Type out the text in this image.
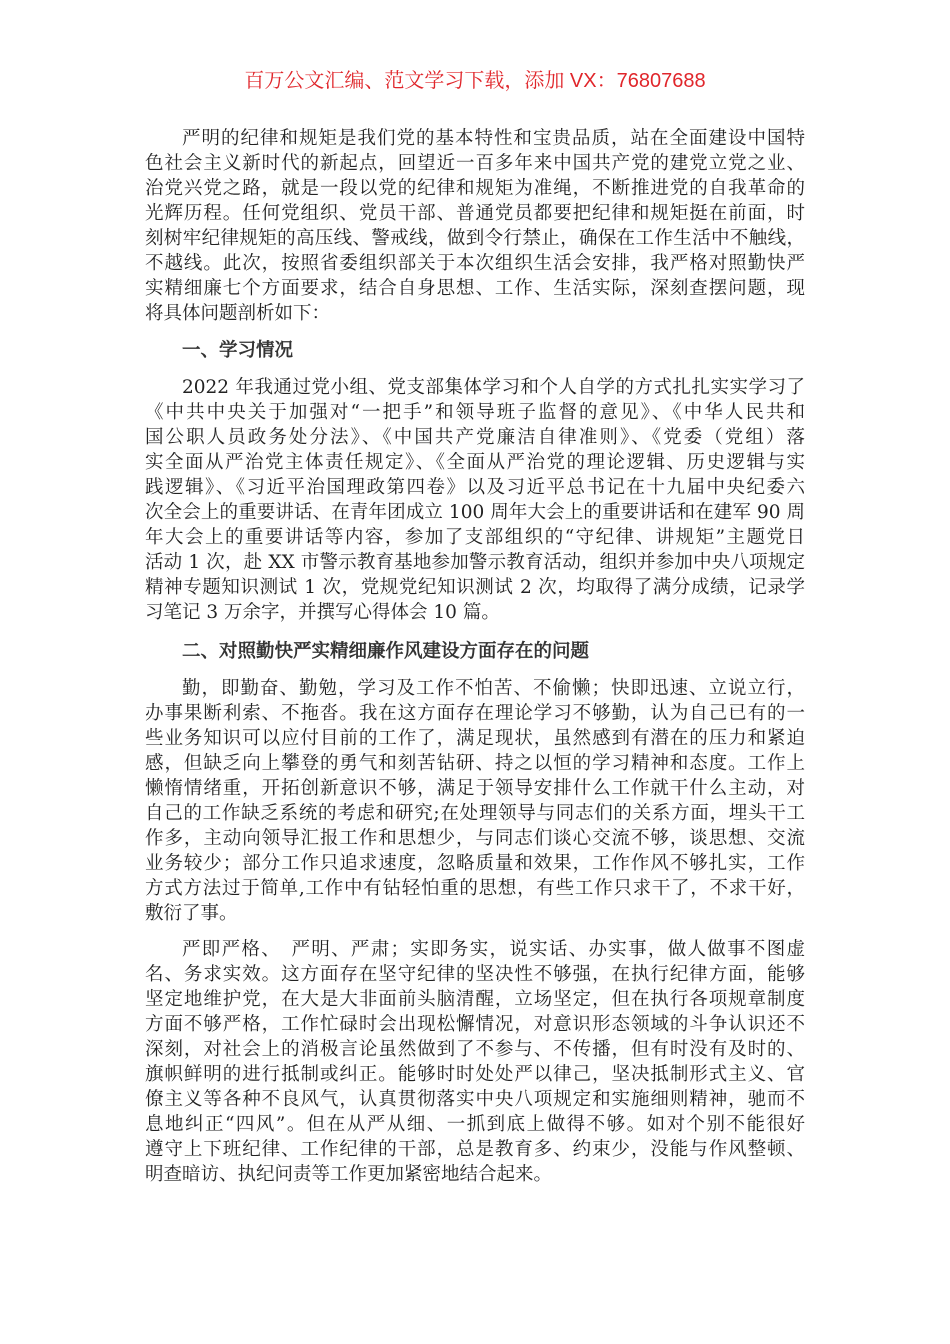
百万公文汇编、范文学习下载，添加 VX：76807688
严明的纪律和规矩是我们党的基本特性和宝贵品质，站在全面建设中国特
色社会主义新时代的新起点，回望近一百多年来中国共产党的建党立党之业、
治党兴党之路，就是一段以党的纪律和规矩为准绳，不断推进党的自我革命的
光辉历程。任何党组织、党员干部、普通党员都要把纪律和规矩挺在前面，时
刻树牢纪律规矩的高压线、警戒线，做到令行禁止，确保在工作生活中不触线，
不越线。此次，按照省委组织部关于本次组织生活会安排，我严格对照勤快严
实精细廉七个方面要求，结合自身思想、工作、生活实际，深刻查摆问题，现
将具体问题剖析如下：
一、学习情况
2022 年我通过党小组、党支部集体学习和个人自学的方式扎扎实实学习了
《中共中央关于加强对“一把手”和领导班子监督的意见》、《中华人民共和
国公职人员政务处分法》、《中国共产党廉洁自律准则》、《党委（党组）落
实全面从严治党主体责任规定》、《全面从严治党的理论逻辑、历史逻辑与实
践逻辑》、《习近平治国理政第四卷》以及习近平总书记在十九届中央纪委六
次全会上的重要讲话、在青年团成立 100 周年大会上的重要讲话和在建军 90 周
年大会上的重要讲话等内容，参加了支部组织的“守纪律、讲规矩”主题党日
活动 1 次，赴 XX 市警示教育基地参加警示教育活动，组织并参加中央八项规定
精神专题知识测试 1 次，党规党纪知识测试 2 次，均取得了满分成绩，记录学
习笔记 3 万余字，并撰写心得体会 10 篇。
二、对照勤快严实精细廉作风建设方面存在的问题
勤，即勤奋、勤勉，学习及工作不怕苦、不偷懒；快即迅速、立说立行，
办事果断利索、不拖沓。我在这方面存在理论学习不够勤，认为自己已有的一
些业务知识可以应付目前的工作了，满足现状，虽然感到有潜在的压力和紧迫
感，但缺乏向上攀登的勇气和刻苦钻研、持之以恒的学习精神和态度。工作上
懒惰情绪重，开拓创新意识不够，满足于领导安排什么工作就干什么主动，对
自己的工作缺乏系统的考虑和研究;在处理领导与同志们的关系方面，埋头干工
作多，主动向领导汇报工作和思想少，与同志们谈心交流不够，谈思想、交流
业务较少；部分工作只追求速度，忽略质量和效果，工作作风不够扎实，工作
方式方法过于简单,工作中有钻轻怕重的思想，有些工作只求干了，不求干好，
敷衍了事。
严即严格、　严明、严肃；实即务实，说实话、办实事，做人做事不图虚
名、务求实效。这方面存在坚守纪律的坚决性不够强，在执行纪律方面，能够
坚定地维护党，在大是大非面前头脑清醒，立场坚定，但在执行各项规章制度
方面不够严格，工作忙碌时会出现松懈情况，对意识形态领域的斗争认识还不
深刻，对社会上的消极言论虽然做到了不参与、不传播，但有时没有及时的、
旗帜鲜明的进行抵制或纠正。能够时时处处严以律己，坚决抵制形式主义、官
僚主义等各种不良风气，认真贯彻落实中央八项规定和实施细则精神，驰而不
息地纠正“四风”。但在从严从细、一抓到底上做得不够。如对个别不能很好
遵守上下班纪律、工作纪律的干部，总是教育多、约束少，没能与作风整顿、
明查暗访、执纪问责等工作更加紧密地结合起来。
